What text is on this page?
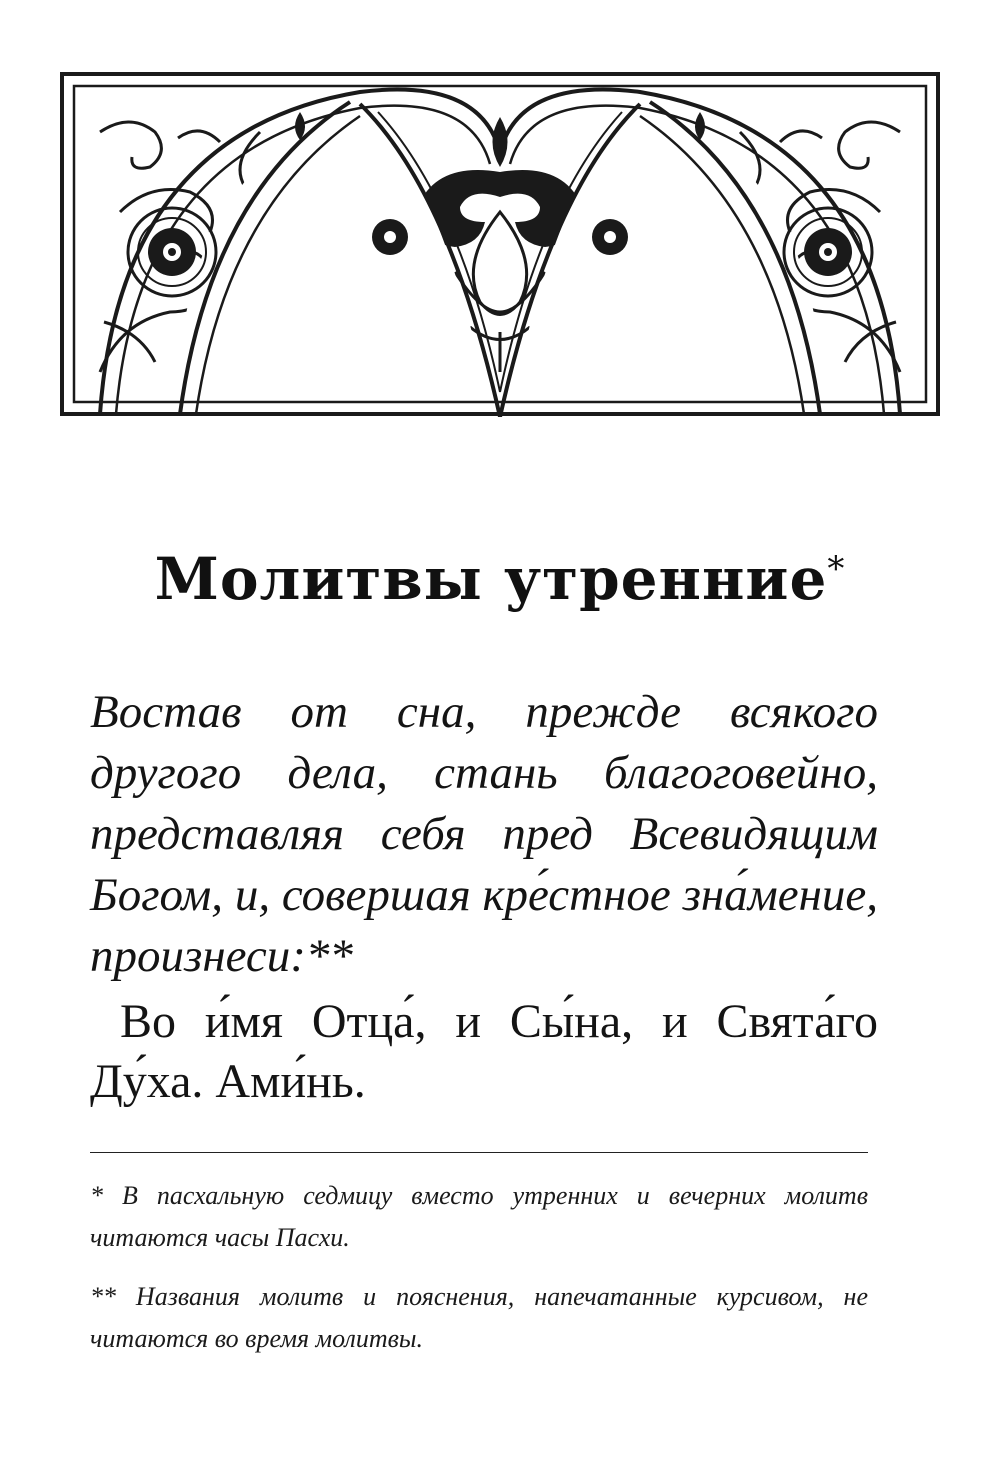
Молитвы утренние*
Востав от сна, прежде всякого другого дела, стань благоговейно, представляя себя пред Всевидящим Богом, и, совершая кре́стное зна́мение, произнеси:**
Во и́мя Отца́, и Сы́на, и Свята́го Ду́ха. Ами́нь.
* В пасхальную седмицу вместо утренних и вечерних молитв читаются часы Пасхи.
** Названия молитв и пояснения, напечатанные курсивом, не читаются во время молитвы.
